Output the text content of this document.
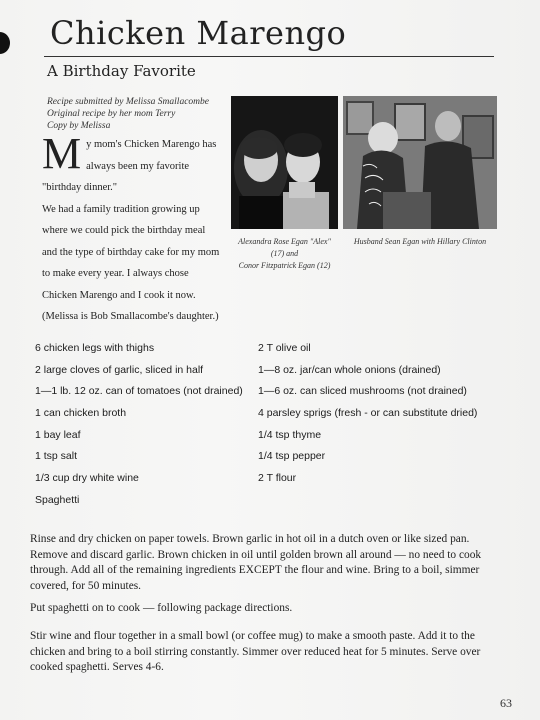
Chicken Marengo
A Birthday Favorite
Recipe submitted by Melissa Smallacombe
Original recipe by her mom Terry
Copy by Melissa
M y mom's Chicken Marengo has
always been my favorite "birthday dinner."
We had a family tradition growing up
where we could pick the birthday meal
and the type of birthday cake for my mom
to make every year. I always chose
Chicken Marengo and I cook it now.
(Melissa is Bob Smallacombe's daughter.)
Alexandra Rose Egan "Alex"
(17) and
Conor Fitzpatrick Egan (12)
Husband Sean Egan with Hillary Clinton
6 chicken legs with thighs
2 large cloves of garlic, sliced in half
1—1 lb. 12 oz. can of tomatoes (not drained)
1 can chicken broth
1 bay leaf
1 tsp salt
1/3 cup dry white wine
Spaghetti
2 T olive oil
1—8 oz. jar/can whole onions (drained)
1—6 oz. can sliced mushrooms (not drained)
4 parsley sprigs (fresh - or can substitute dried)
1/4 tsp thyme
1/4 tsp pepper
2 T flour

Rinse and dry chicken on paper towels. Brown garlic in hot oil in a dutch oven or like sized pan. Remove and discard garlic. Brown chicken in oil until golden brown all around — no need to cook through. Add all of the remaining ingredients EXCEPT the flour and wine. Bring to a boil, simmer covered, for 50 minutes.

Put spaghetti on to cook — following package directions.

Stir wine and flour together in a small bowl (or coffee mug) to make a smooth paste. Add it to the chicken and bring to a boil stirring constantly. Simmer over reduced heat for 5 minutes. Serve over cooked spaghetti. Serves 4-6.

63
